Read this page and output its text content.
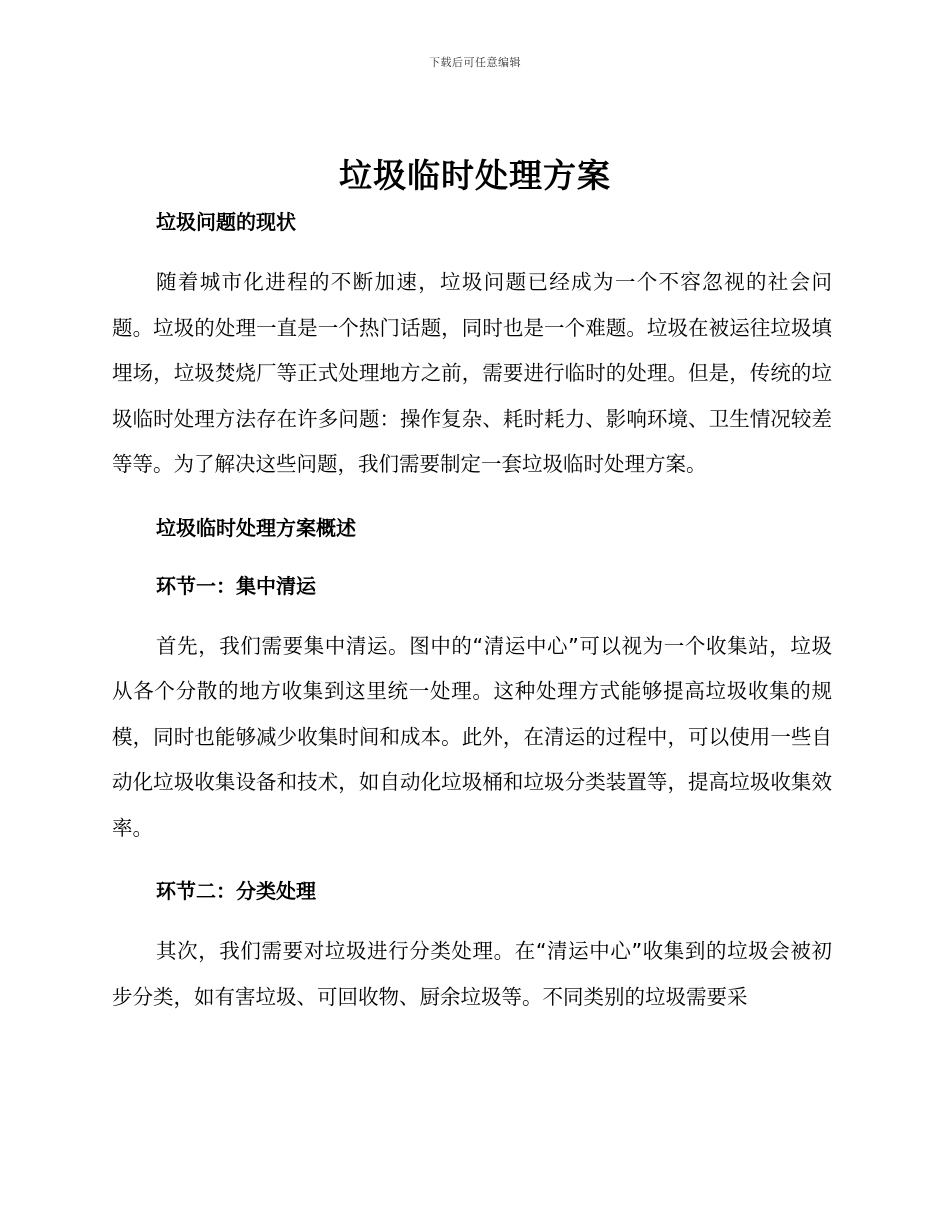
下载后可任意编辑
垃圾临时处理方案

垃圾问题的现状

随着城市化进程的不断加速，垃圾问题已经成为一个不容忽视的社会问题。垃圾的处理一直是一个热门话题，同时也是一个难题。垃圾在被运往垃圾填埋场，垃圾焚烧厂等正式处理地方之前，需要进行临时的处理。但是，传统的垃圾临时处理方法存在许多问题：操作复杂、耗时耗力、影响环境、卫生情况较差等等。为了解决这些问题，我们需要制定一套垃圾临时处理方案。

垃圾临时处理方案概述

环节一：集中清运

首先，我们需要集中清运。图中的“清运中心”可以视为一个收集站，垃圾从各个分散的地方收集到这里统一处理。这种处理方式能够提高垃圾收集的规模，同时也能够减少收集时间和成本。此外，在清运的过程中，可以使用一些自动化垃圾收集设备和技术，如自动化垃圾桶和垃圾分类装置等，提高垃圾收集效率。

环节二：分类处理

其次，我们需要对垃圾进行分类处理。在“清运中心”收集到的垃圾会被初步分类，如有害垃圾、可回收物、厨余垃圾等。不同类别的垃圾需要采
